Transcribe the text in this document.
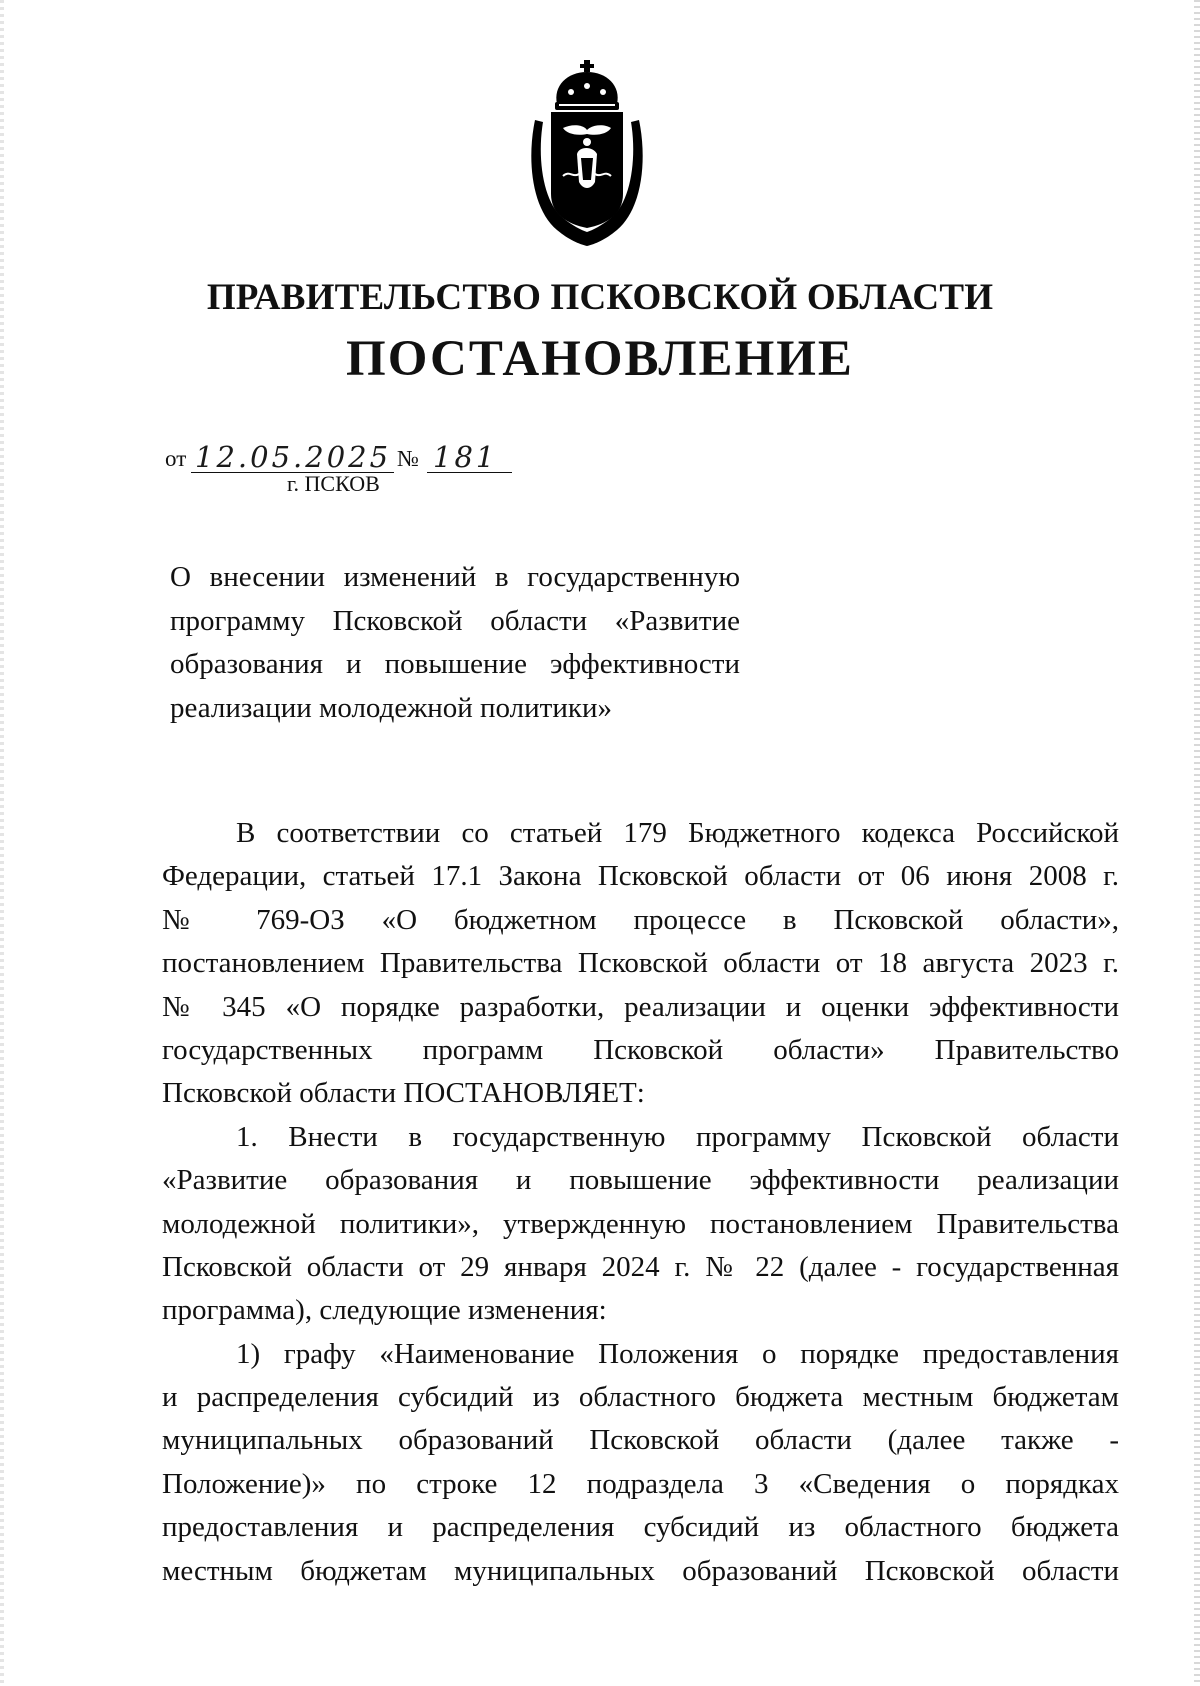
ПРАВИТЕЛЬСТВО ПСКОВСКОЙ ОБЛАСТИ
ПОСТАНОВЛЕНИЕ
от 12.05.2025 № 181
г. ПСКОВ
О внесении изменений в государственную
программу Псковской области «Развитие
образования и повышение эффективности
реализации молодежной политики»
В соответствии со статьей 179 Бюджетного кодекса Российской
Федерации, статьей 17.1 Закона Псковской области от 06 июня 2008 г.
№ 769-ОЗ «О бюджетном процессе в Псковской области»,
постановлением Правительства Псковской области от 18 августа 2023 г.
№ 345 «О порядке разработки, реализации и оценки эффективности
государственных программ Псковской области» Правительство
Псковской области ПОСТАНОВЛЯЕТ:
1. Внести в государственную программу Псковской области
«Развитие образования и повышение эффективности реализации
молодежной политики», утвержденную постановлением Правительства
Псковской области от 29 января 2024 г. № 22 (далее - государственная
программа), следующие изменения:
1) графу «Наименование Положения о порядке предоставления
и распределения субсидий из областного бюджета местным бюджетам
муниципальных образований Псковской области (далее также -
Положение)» по строке 12 подраздела 3 «Сведения о порядках
предоставления и распределения субсидий из областного бюджета
местным бюджетам муниципальных образований Псковской области
